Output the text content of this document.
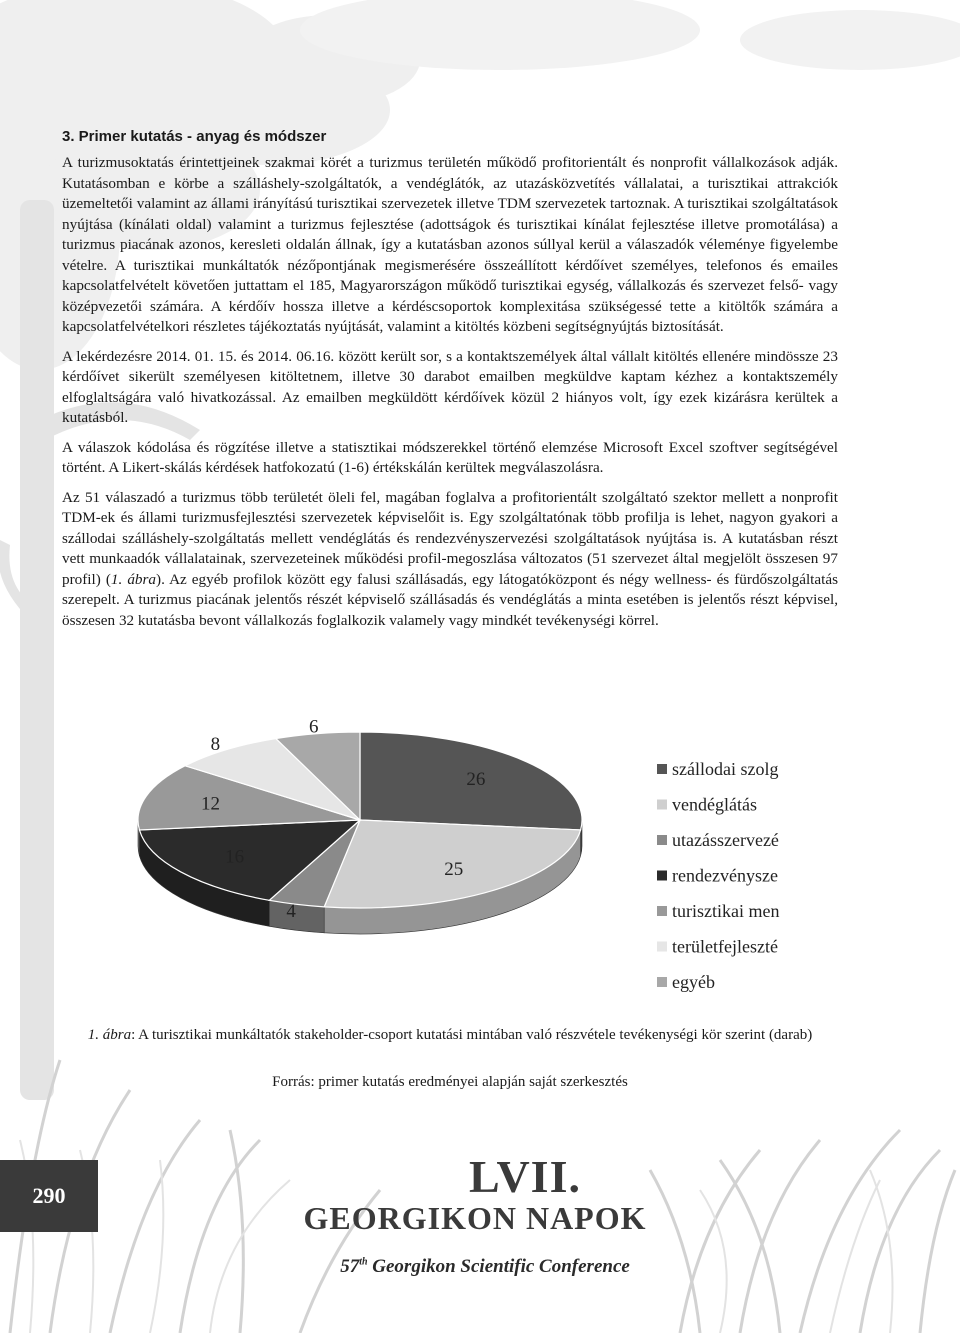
3. Primer kutatás - anyag és módszer

A turizmusoktatás érintettjeinek szakmai körét a turizmus területén működő profitorientált és nonprofit vállalkozások adják. Kutatásomban e körbe a szálláshely-szolgáltatók, a vendéglátók, az utazásközvetítés vállalatai, a turisztikai attrakciók üzemeltetői valamint az állami irányítású turisztikai szervezetek illetve TDM szervezetek tartoznak. A turisztikai szolgáltatások nyújtása (kínálati oldal) valamint a turizmus fejlesztése (adottságok és turisztikai kínálat fejlesztése illetve promotálása) a turizmus piacának azonos, keresleti oldalán állnak, így a kutatásban azonos súllyal kerül a válaszadók véleménye figyelembe vételre. A turisztikai munkáltatók nézőpontjának megismerésére összeállított kérdőívet személyes, telefonos és emailes kapcsolatfelvételt követően juttattam el 185, Magyarországon működő turisztikai egység, vállalkozás és szervezet felső- vagy középvezetői számára. A kérdőív hossza illetve a kérdéscsoportok komplexitása szükségessé tette a kitöltők számára a kapcsolatfelvételkori részletes tájékoztatás nyújtását, valamint a kitöltés közbeni segítségnyújtás biztosítását.

A lekérdezésre 2014. 01. 15. és 2014. 06.16. között került sor, s a kontaktszemélyek által vállalt kitöltés ellenére mindössze 23 kérdőívet sikerült személyesen kitöltetnem, illetve 30 darabot emailben megküldve kaptam kézhez a kontaktszemély elfoglaltságára való hivatkozással. Az emailben megküldött kérdőívek közül 2 hiányos volt, így ezek kizárásra kerültek a kutatásból.

A válaszok kódolása és rögzítése illetve a statisztikai módszerekkel történő elemzése Microsoft Excel szoftver segítségével történt. A Likert-skálás kérdések hatfokozatú (1-6) értékskálán kerültek megválaszolásra.

Az 51 válaszadó a turizmus több területét öleli fel, magában foglalva a profitorientált szolgáltató szektor mellett a nonprofit TDM-ek és állami turizmusfejlesztési szervezetek képviselőit is. Egy szolgáltatónak több profilja is lehet, nagyon gyakori a szállodai szálláshely-szolgáltatás mellett vendéglátás és rendezvényszervezési szolgáltatások nyújtása is. A kutatásban részt vett munkaadók vállalatainak, szervezeteinek működési profil-megoszlása változatos (51 szervezet által megjelölt összesen 97 profil) (1. ábra). Az egyéb profilok között egy falusi szállásadás, egy látogatóközpont és négy wellness- és fürdőszolgáltatás szerepelt. A turizmus piacának jelentős részét képviselő szállásadás és vendéglátás a minta esetében is jelentős részt képvisel, összesen 32 kutatásba bevont vállalkozás foglalkozik valamely vagy mindkét tevékenységi körrel.

26
25
4
16
12
8
6
szállodai szolg
vendéglátás
utazásszervezé
rendezvénysze
turisztikai men
területfejleszté
egyéb
1. ábra: A turisztikai munkáltatók stakeholder-csoport kutatási mintában való részvétele tevékenységi kör szerint (darab)
Forrás: primer kutatás eredményei alapján saját szerkesztés
290	LVII.
GEORGIKON NAPOK
57th Georgikon Scientific Conference
